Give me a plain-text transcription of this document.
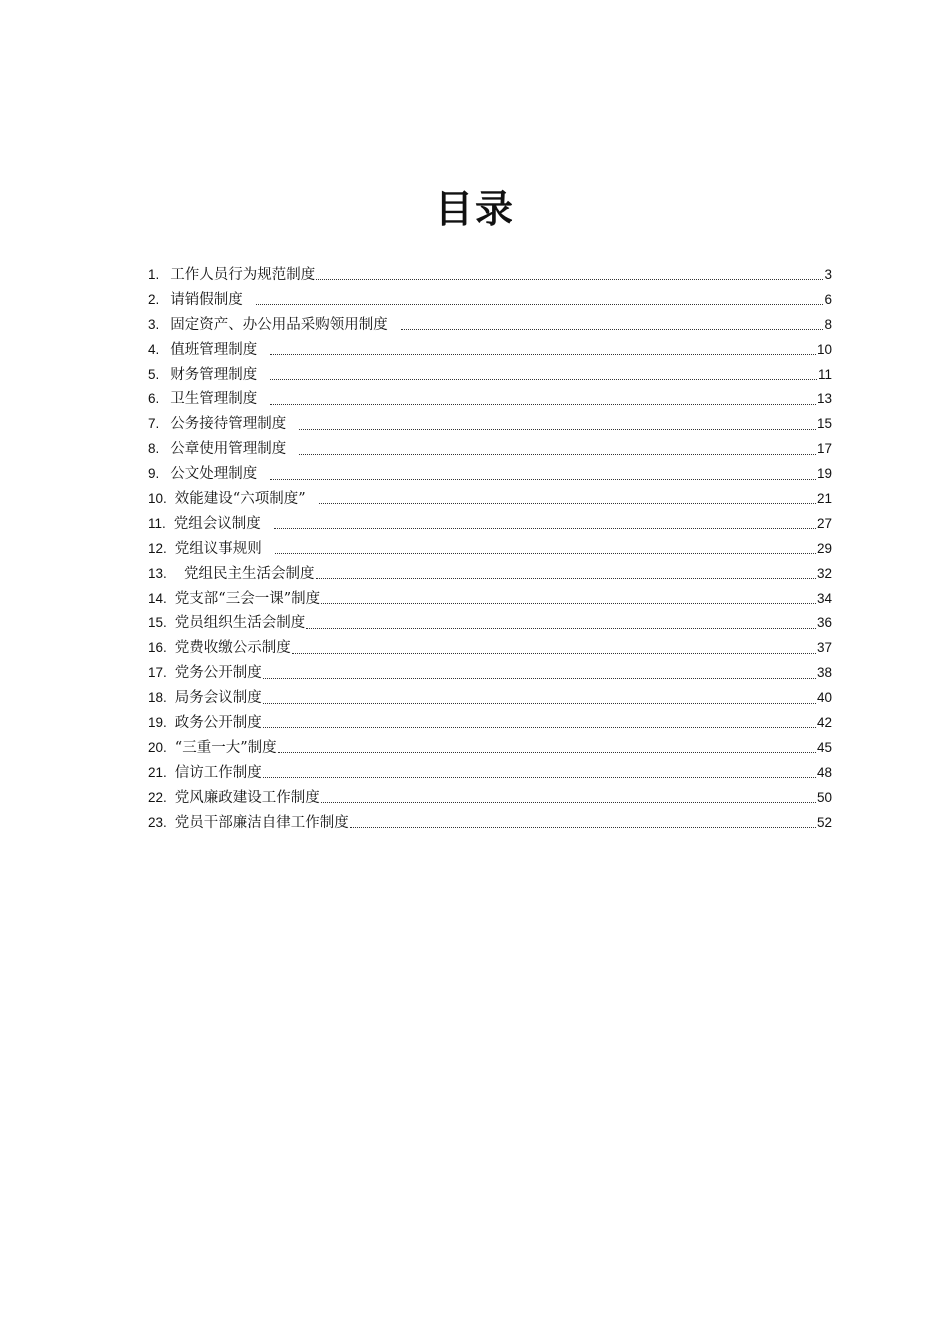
目录
1. 工作人员行为规范制度	3
2. 请销假制度	6
3. 固定资产、办公用品采购领用制度	8
4. 值班管理制度	10
5. 财务管理制度	11
6. 卫生管理制度	13
7. 公务接待管理制度	15
8. 公章使用管理制度	17
9. 公文处理制度	19
10. 效能建设“六项制度”	21
11. 党组会议制度	27
12. 党组议事规则	29
13. 党组民主生活会制度	32
14. 党支部“三会一课”制度	34
15. 党员组织生活会制度	36
16. 党费收缴公示制度	37
17. 党务公开制度	38
18. 局务会议制度	40
19. 政务公开制度	42
20. “三重一大”制度	45
21. 信访工作制度	48
22. 党风廉政建设工作制度	50
23. 党员干部廉洁自律工作制度	52
